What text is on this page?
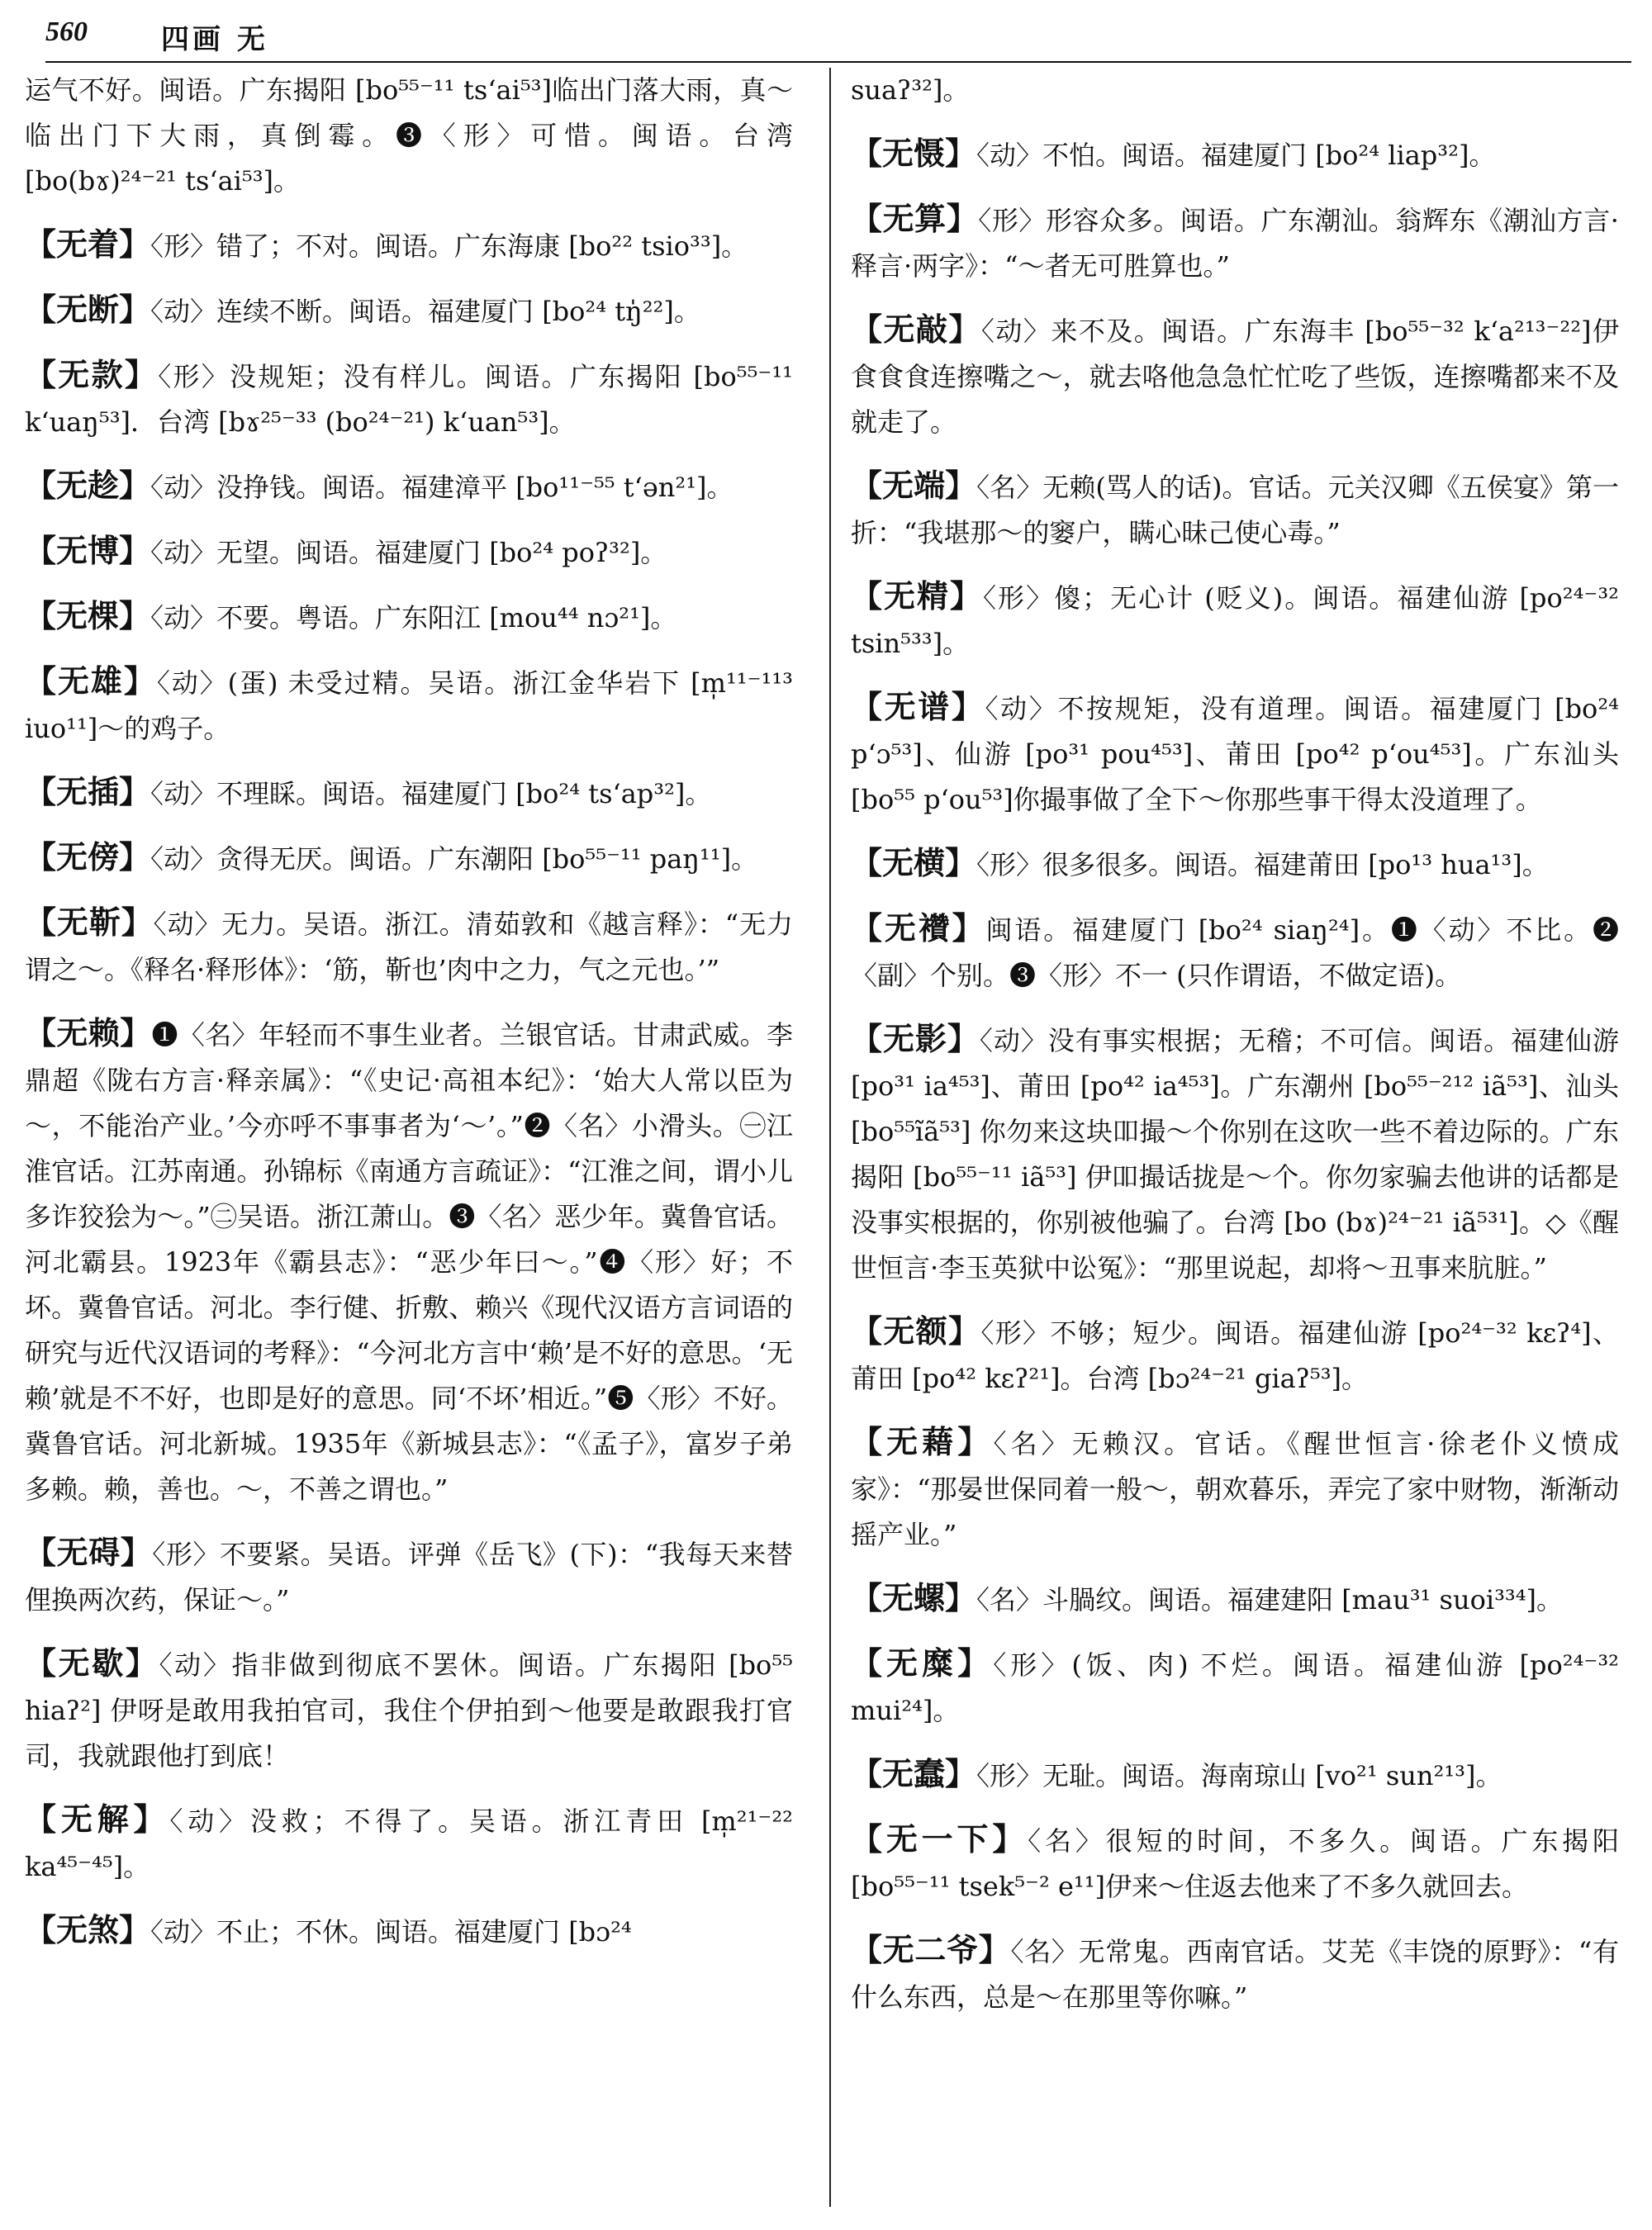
560	四画 无

运气不好。闽语。广东揭阳 [bo⁵⁵⁻¹¹ ts‘ai⁵³]临出门落大雨，真～临出门下大雨，真倒霉。❸〈形〉可惜。闽语。台湾 [bo(bɤ)²⁴⁻²¹ ts‘ai⁵³]。

【无着】〈形〉错了；不对。闽语。广东海康 [bo²² tsio³³]。

【无断】〈动〉连续不断。闽语。福建厦门 [bo²⁴ tŋ̍²²]。

【无款】〈形〉没规矩；没有样儿。闽语。广东揭阳 [bo⁵⁵⁻¹¹ k‘uaŋ⁵³]．台湾 [bɤ²⁵⁻³³ (bo²⁴⁻²¹) k‘uan⁵³]。

【无趁】〈动〉没挣钱。闽语。福建漳平 [bo¹¹⁻⁵⁵ t‘ən²¹]。

【无博】〈动〉无望。闽语。福建厦门 [bo²⁴ poʔ³²]。

【无棵】〈动〉不要。粤语。广东阳江 [mou⁴⁴ nɔ²¹]。

【无雄】〈动〉(蛋) 未受过精。吴语。浙江金华岩下 [m̩¹¹⁻¹¹³ iuo¹¹]～的鸡子。

【无插】〈动〉不理睬。闽语。福建厦门 [bo²⁴ ts‘ap³²]。

【无傍】〈动〉贪得无厌。闽语。广东潮阳 [bo⁵⁵⁻¹¹ paŋ¹¹]。

【无靳】〈动〉无力。吴语。浙江。清茹敦和《越言释》：“无力谓之～。《释名·释形体》：‘筋，靳也’肉中之力，气之元也。’”

【无赖】❶〈名〉年轻而不事生业者。兰银官话。甘肃武威。李鼎超《陇右方言·释亲属》：“《史记·高祖本纪》：‘始大人常以臣为～，不能治产业。’今亦呼不事事者为‘～’。”❷〈名〉小滑头。㊀江淮官话。江苏南通。孙锦标《南通方言疏证》：“江淮之间，谓小儿多诈狡狯为～。”㊁吴语。浙江萧山。❸〈名〉恶少年。冀鲁官话。河北霸县。1923年《霸县志》：“恶少年曰～。”❹〈形〉好；不坏。冀鲁官话。河北。李行健、折敷、赖兴《现代汉语方言词语的研究与近代汉语词的考释》：“今河北方言中‘赖’是不好的意思。‘无赖’就是不不好，也即是好的意思。同‘不坏’相近。”❺〈形〉不好。冀鲁官话。河北新城。1935年《新城县志》：“《孟子》，富岁子弟多赖。赖，善也。～，不善之谓也。”

【无碍】〈形〉不要紧。吴语。评弹《岳飞》(下)：“我每天来替俚换两次药，保证～。”

【无歇】〈动〉指非做到彻底不罢休。闽语。广东揭阳 [bo⁵⁵ hiaʔ²] 伊呀是敢用我拍官司，我住个伊拍到～他要是敢跟我打官司，我就跟他打到底！

【无解】〈动〉没救；不得了。吴语。浙江青田 [m̩²¹⁻²² ka⁴⁵⁻⁴⁵]。

【无煞】〈动〉不止；不休。闽语。福建厦门 [bɔ²⁴

suaʔ³²]。

【无慑】〈动〉不怕。闽语。福建厦门 [bo²⁴ liap³²]。

【无算】〈形〉形容众多。闽语。广东潮汕。翁辉东《潮汕方言·释言·两字》：“～者无可胜算也。”

【无敲】〈动〉来不及。闽语。广东海丰 [bo⁵⁵⁻³² k‘a²¹³⁻²²]伊食食食连擦嘴之～，就去咯他急急忙忙吃了些饭，连擦嘴都来不及就走了。

【无端】〈名〉无赖(骂人的话)。官话。元关汉卿《五侯宴》第一折：“我堪那～的窭户，瞒心昧己使心毒。”

【无精】〈形〉傻；无心计 (贬义)。闽语。福建仙游 [po²⁴⁻³² tsin⁵³³]。

【无谱】〈动〉不按规矩，没有道理。闽语。福建厦门 [bo²⁴ p‘ɔ⁵³]、仙游 [po³¹ pou⁴⁵³]、莆田 [po⁴² p‘ou⁴⁵³]。广东汕头 [bo⁵⁵ p‘ou⁵³]你撮事做了全下～你那些事干得太没道理了。

【无横】〈形〉很多很多。闽语。福建莆田 [po¹³ hua¹³]。

【无襸】闽语。福建厦门 [bo²⁴ siaŋ²⁴]。❶〈动〉不比。❷〈副〉个别。❸〈形〉不一 (只作谓语，不做定语)。

【无影】〈动〉没有事实根据；无稽；不可信。闽语。福建仙游 [po³¹ ia⁴⁵³]、莆田 [po⁴² ia⁴⁵³]。广东潮州 [bo⁵⁵⁻²¹² iã⁵³]、汕头 [bo⁵⁵ĩã⁵³] 你勿来这块吅撮～个你别在这吹一些不着边际的。广东揭阳 [bo⁵⁵⁻¹¹ iã⁵³] 伊吅撮话拢是～个。你勿家骗去他讲的话都是没事实根据的，你别被他骗了。台湾 [bo (bɤ)²⁴⁻²¹ iã⁵³¹]。◇《醒世恒言·李玉英狱中讼冤》：“那里说起，却将～丑事来肮脏。”

【无额】〈形〉不够；短少。闽语。福建仙游 [po²⁴⁻³² kɛʔ⁴]、莆田 [po⁴² kɛʔ²¹]。台湾 [bɔ²⁴⁻²¹ giaʔ⁵³]。

【无藉】〈名〉无赖汉。官话。《醒世恒言·徐老仆义愤成家》：“那晏世保同着一般～，朝欢暮乐，弄完了家中财物，渐渐动摇产业。”

【无螺】〈名〉斗腡纹。闽语。福建建阳 [mau³¹ suoi³³⁴]。

【无糜】〈形〉(饭、肉) 不烂。闽语。福建仙游 [po²⁴⁻³² mui²⁴]。

【无蠢】〈形〉无耻。闽语。海南琼山 [vo²¹ sun²¹³]。

【无一下】〈名〉很短的时间，不多久。闽语。广东揭阳 [bo⁵⁵⁻¹¹ tsek⁵⁻² e¹¹]伊来～住返去他来了不多久就回去。

【无二爷】〈名〉无常鬼。西南官话。艾芜《丰饶的原野》：“有什么东西，总是～在那里等你嘛。”
